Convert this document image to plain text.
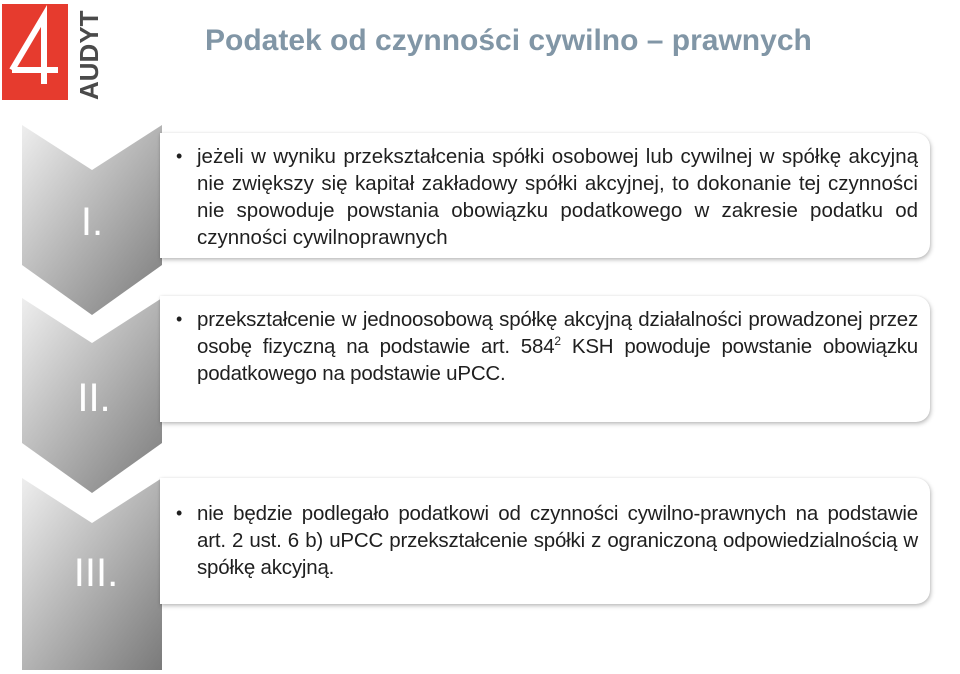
AUDYT	Podatek od czynności cywilno – prawnych
I.
• jeżeli w wyniku przekształcenia spółki osobowej lub cywilnej w spółkę akcyjną nie zwiększy się kapitał zakładowy spółki akcyjnej, to dokonanie tej czynności nie spowoduje powstania obowiązku podatkowego w zakresie podatku od czynności cywilnoprawnych
II.
• przekształcenie w jednoosobową spółkę akcyjną działalności prowadzonej przez osobę fizyczną na podstawie art. $584^2$ KSH powoduje powstanie obowiązku podatkowego na podstawie uPCC.
III.
• nie będzie podlegało podatkowi od czynności cywilno-prawnych na podstawie art. 2 ust. 6 b) uPCC przekształcenie spółki z ograniczoną odpowiedzialnością w spółkę akcyjną.
